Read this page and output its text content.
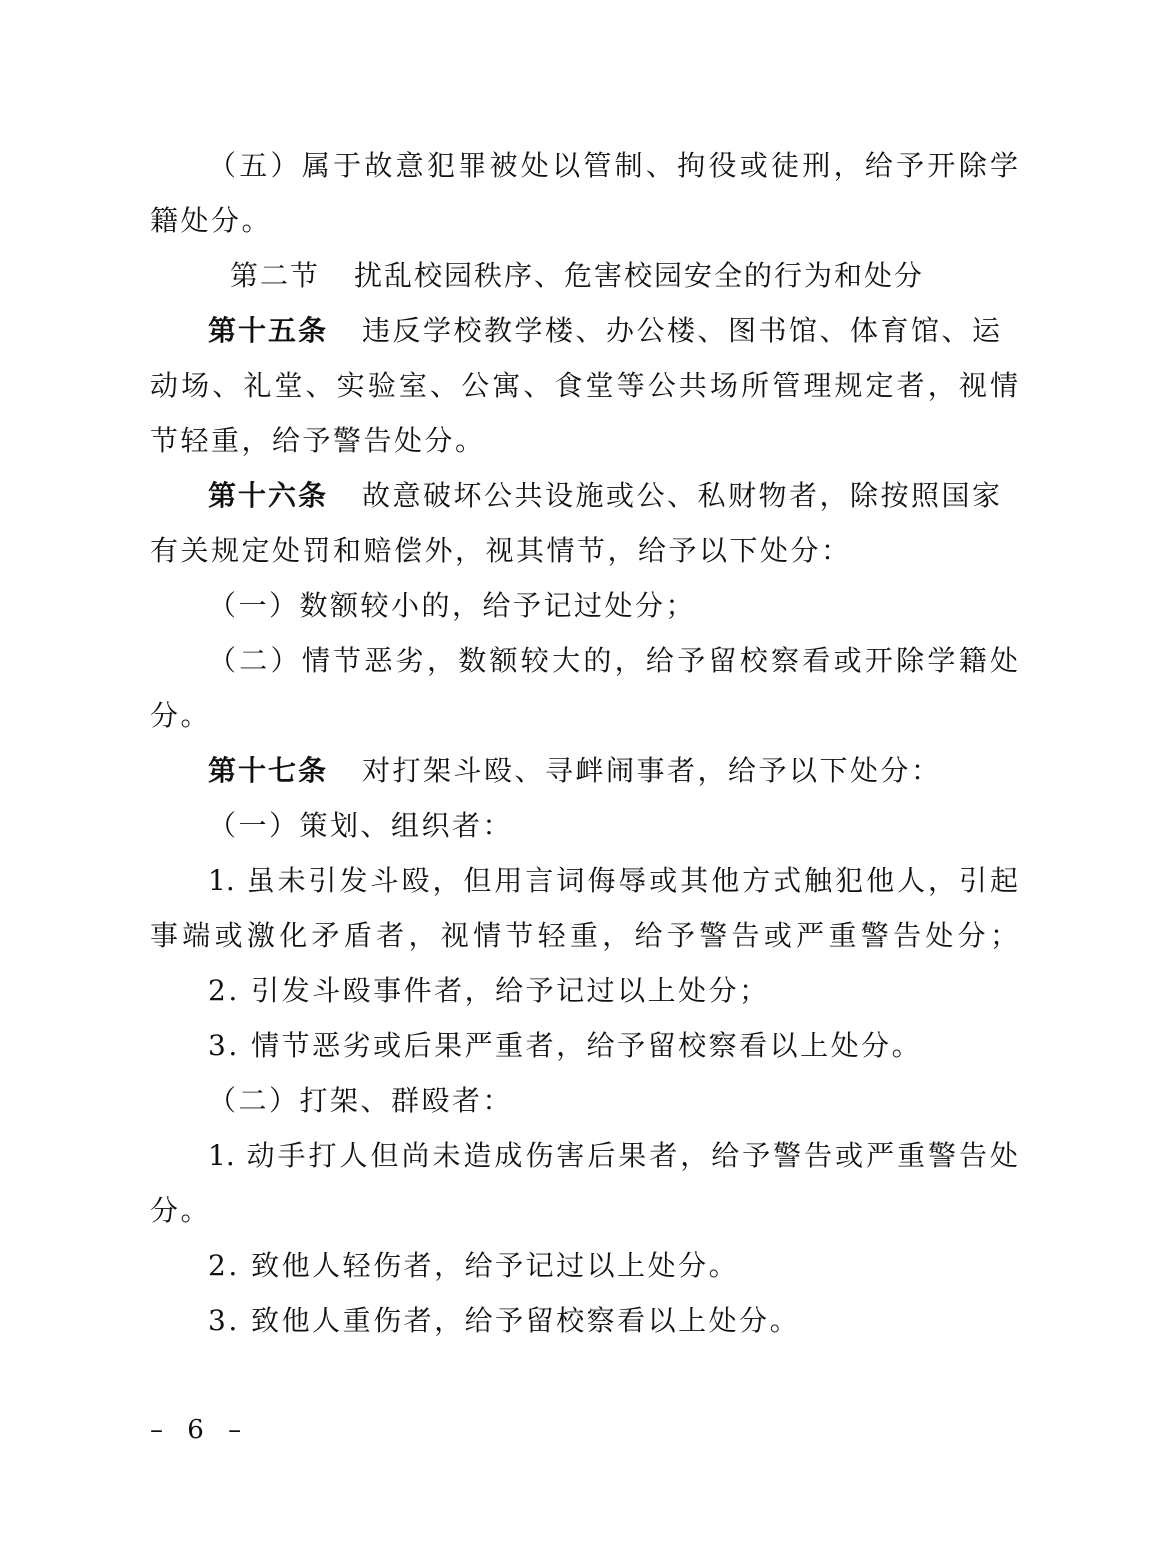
（五）属于故意犯罪被处以管制、拘役或徒刑，给予开除学
籍处分。
第二节 扰乱校园秩序、危害校园安全的行为和处分
第十五条 违反学校教学楼、办公楼、图书馆、体育馆、运
动场、礼堂、实验室、公寓、食堂等公共场所管理规定者，视情
节轻重，给予警告处分。
第十六条 故意破坏公共设施或公、私财物者，除按照国家
有关规定处罚和赔偿外，视其情节，给予以下处分：
（一）数额较小的，给予记过处分；
（二）情节恶劣，数额较大的，给予留校察看或开除学籍处
分。
第十七条 对打架斗殴、寻衅闹事者，给予以下处分：
（一）策划、组织者：
1. 虽未引发斗殴，但用言词侮辱或其他方式触犯他人，引起
事端或激化矛盾者，视情节轻重，给予警告或严重警告处分；
2. 引发斗殴事件者，给予记过以上处分；
3. 情节恶劣或后果严重者，给予留校察看以上处分。
（二）打架、群殴者：
1. 动手打人但尚未造成伤害后果者，给予警告或严重警告处
分。
2. 致他人轻伤者，给予记过以上处分。
3. 致他人重伤者，给予留校察看以上处分。
– 6 –
